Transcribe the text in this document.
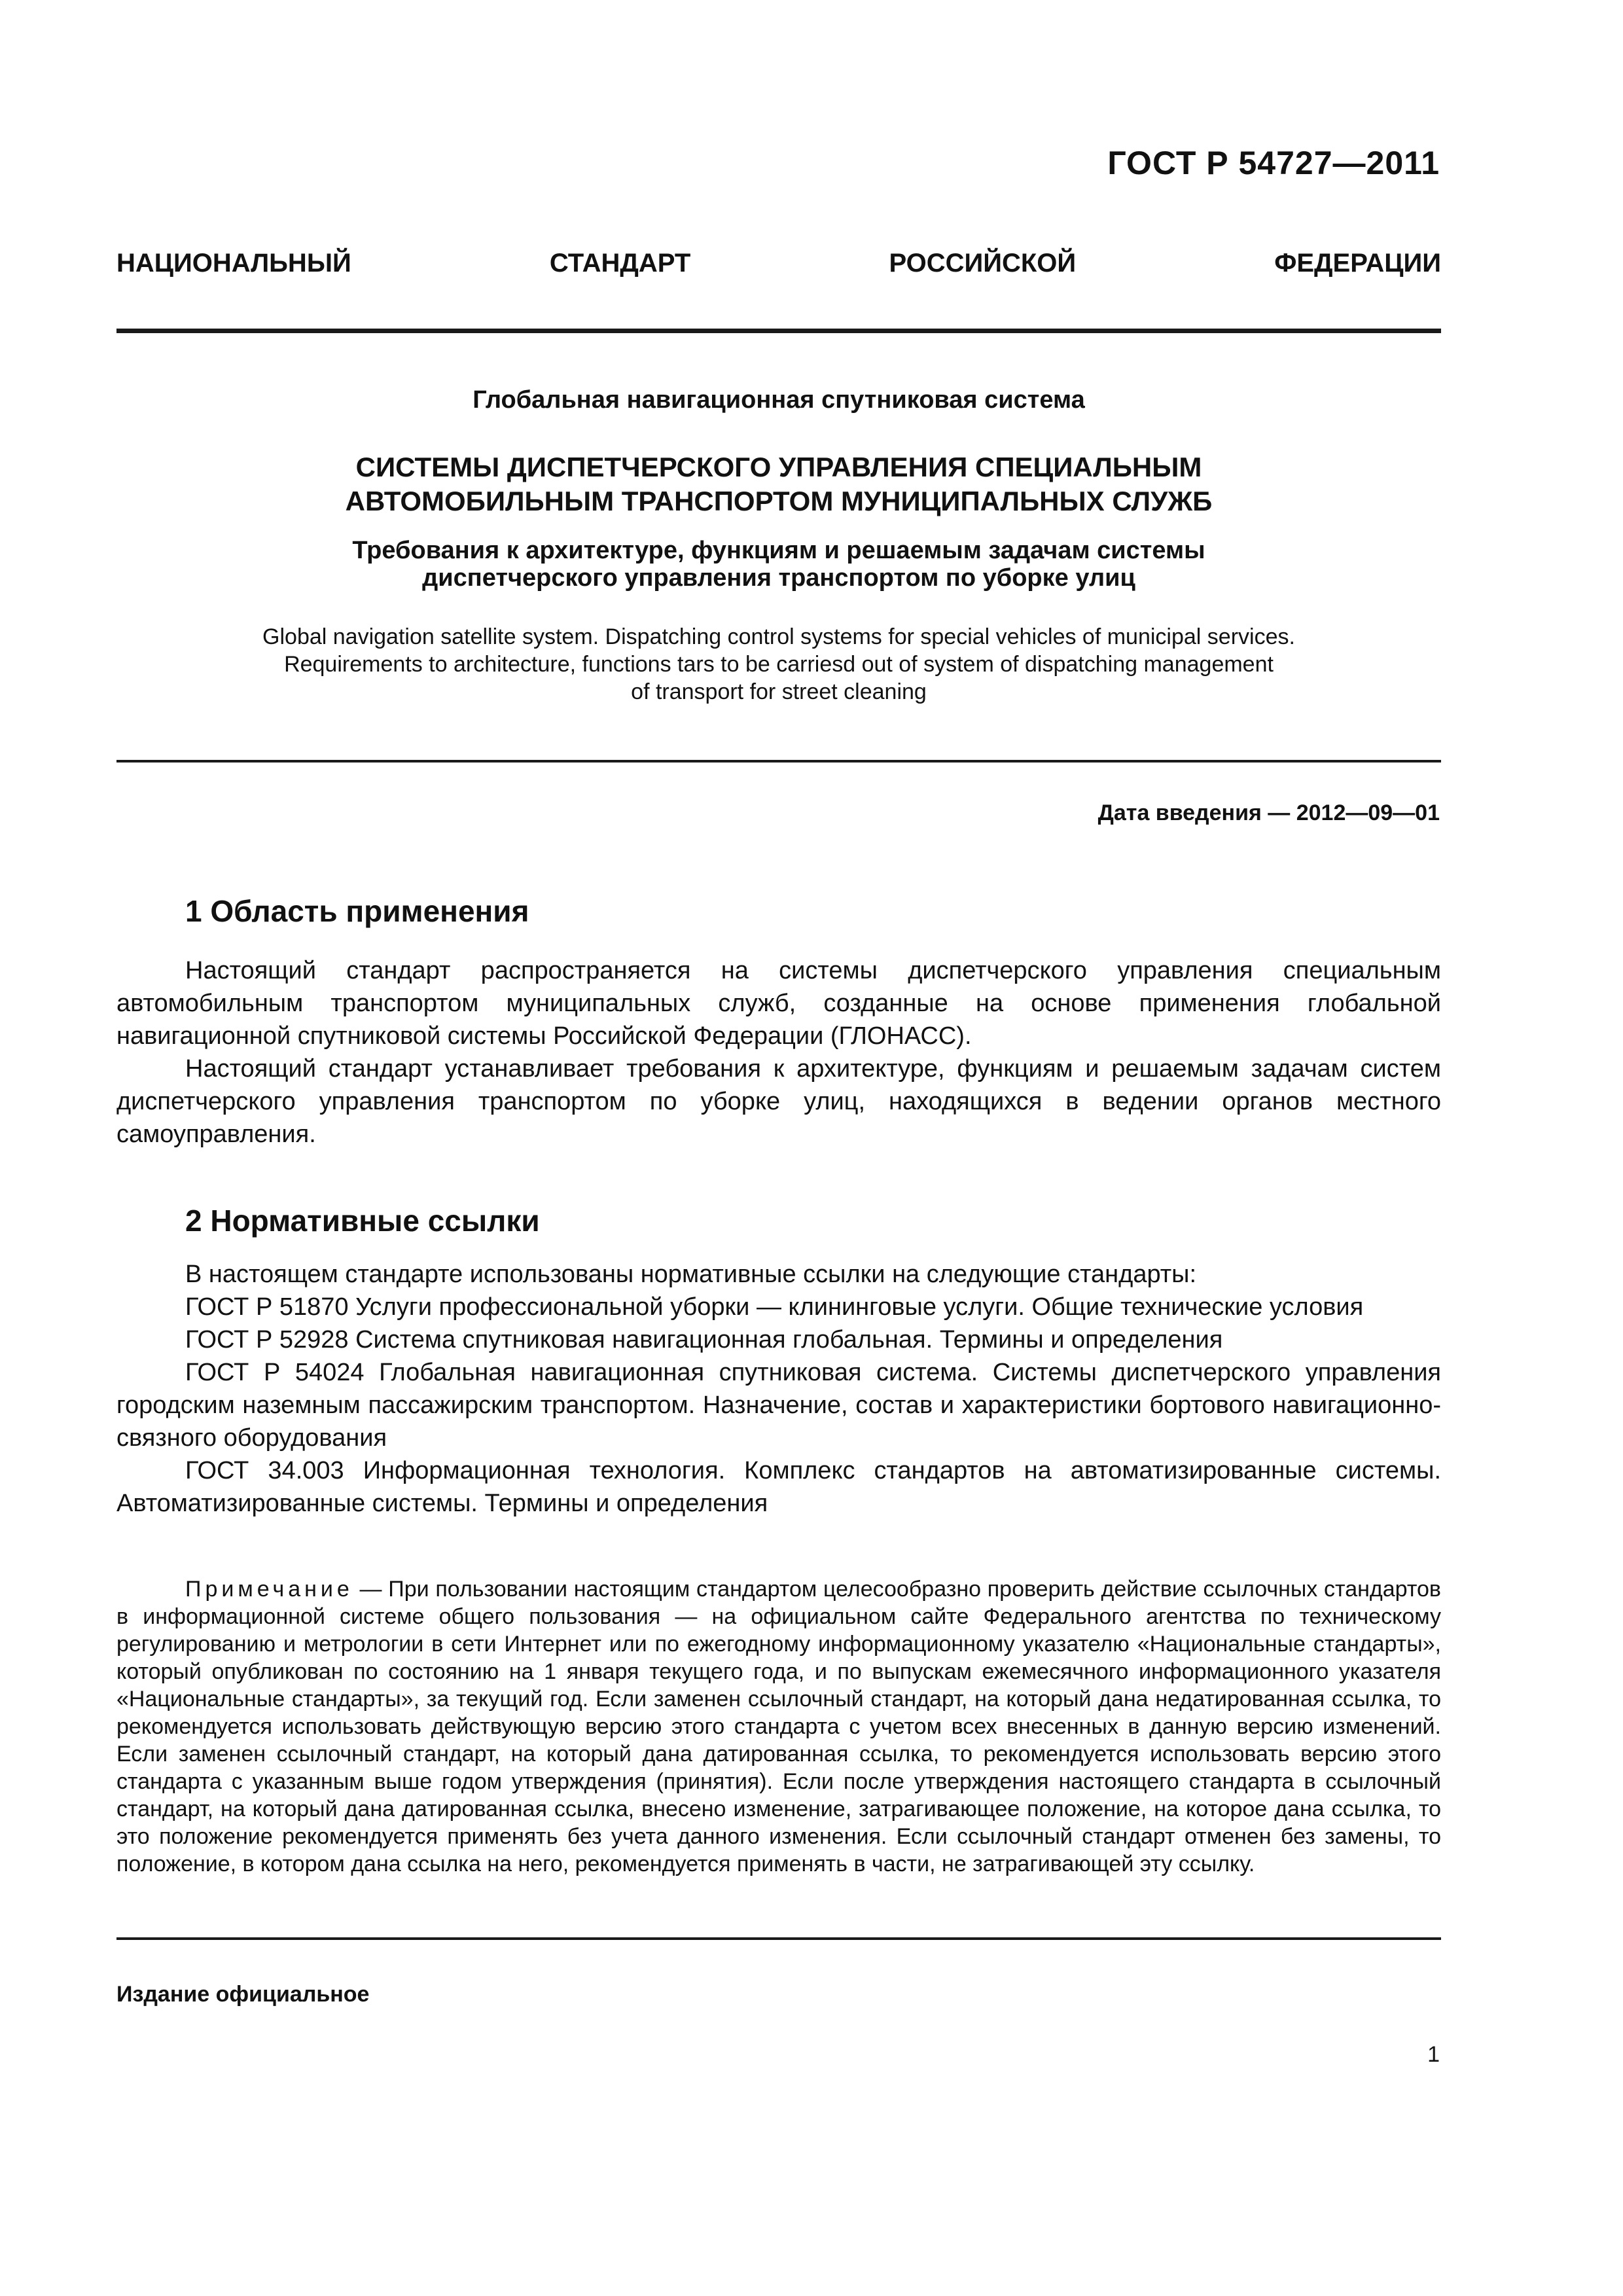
ГОСТ Р 54727—2011
НАЦИОНАЛЬНЫЙ	СТАНДАРТ	РОССИЙСКОЙ	ФЕДЕРАЦИИ
Глобальная навигационная спутниковая система
СИСТЕМЫ ДИСПЕТЧЕРСКОГО УПРАВЛЕНИЯ СПЕЦИАЛЬНЫМ
АВТОМОБИЛЬНЫМ ТРАНСПОРТОМ МУНИЦИПАЛЬНЫХ СЛУЖБ
Требования к архитектуре, функциям и решаемым задачам системы
диспетчерского управления транспортом по уборке улиц
Global navigation satellite system. Dispatching control systems for special vehicles of municipal services.
Requirements to architecture, functions tars to be carriesd out of system of dispatching management
of transport for street cleaning
Дата введения — 2012—09—01
1 Область применения

Настоящий стандарт распространяется на системы диспетчерского управления специальным автомобильным транспортом муниципальных служб, созданные на основе применения глобальной навигационной спутниковой системы Российской Федерации (ГЛОНАСС).

Настоящий стандарт устанавливает требования к архитектуре, функциям и решаемым задачам систем диспетчерского управления транспортом по уборке улиц, находящихся в ведении органов местного самоуправления.

2 Нормативные ссылки

В настоящем стандарте использованы нормативные ссылки на следующие стандарты:

ГОСТ Р 51870 Услуги профессиональной уборки — клининговые услуги. Общие технические условия

ГОСТ Р 52928 Система спутниковая навигационная глобальная. Термины и определения

ГОСТ Р 54024 Глобальная навигационная спутниковая система. Системы диспетчерского управления городским наземным пассажирским транспортом. Назначение, состав и характеристики бортового навигационно-связного оборудования

ГОСТ 34.003 Информационная технология. Комплекс стандартов на автоматизированные системы. Автоматизированные системы. Термины и определения

Примечание — При пользовании настоящим стандартом целесообразно проверить действие ссылочных стандартов в информационной системе общего пользования — на официальном сайте Федерального агентства по техническому регулированию и метрологии в сети Интернет или по ежегодному информационному указателю «Национальные стандарты», который опубликован по состоянию на 1 января текущего года, и по выпускам ежемесячного информационного указателя «Национальные стандарты», за текущий год. Если заменен ссылочный стандарт, на который дана недатированная ссылка, то рекомендуется использовать действующую версию этого стандарта с учетом всех внесенных в данную версию изменений. Если заменен ссылочный стандарт, на который дана датированная ссылка, то рекомендуется использовать версию этого стандарта с указанным выше годом утверждения (принятия). Если после утверждения настоящего стандарта в ссылочный стандарт, на который дана датированная ссылка, внесено изменение, затрагивающее положение, на которое дана ссылка, то это положение рекомендуется применять без учета данного изменения. Если ссылочный стандарт отменен без замены, то положение, в котором дана ссылка на него, рекомендуется применять в части, не затрагивающей эту ссылку.
Издание официальное
1
